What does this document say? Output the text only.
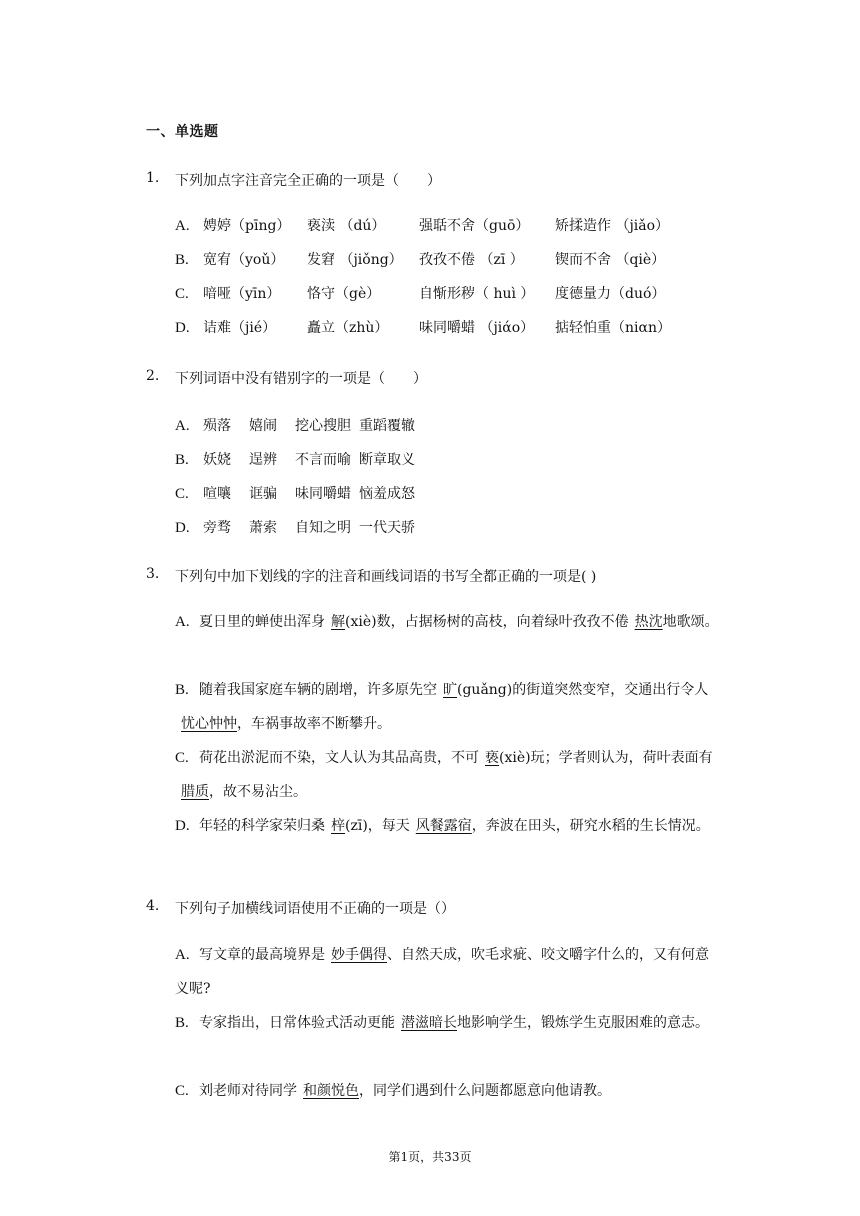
一、单选题
1. 下列加点字注音完全正确的一项是（　　）
A. 娉婷（pīng） 亵渎 （dú） 强聒不舍（guō） 矫揉造作 （jiǎo）
B. 宽宥（yoǔ） 发窘 （jiǒng） 孜孜不倦 （zī ） 锲而不舍 （qiè）
C. 喑哑（yīn） 恪守（gè）	自惭形秽（ huì ） 度德量力（duó）
D. 诘难（jié） 矗立（zhù） 味同嚼蜡 （jiάo） 掂轻怕重（niαn）
2. 下列词语中没有错别字的一项是（　　）
A. 殒落 嬉闹 挖心搜胆 重蹈覆辙
B. 妖娆 逞辨 不言而喻 断章取义
C. 喧嚷 诓骗 味同嚼蜡 恼羞成怒
D. 旁骛 萧索 自知之明 一代天骄
3. 下列句中加下划线的字的注音和画线词语的书写全都正确的一项是( )
A. 夏日里的蝉使出浑身 解(xiè)数，占据杨树的高枝，向着绿叶孜孜不倦 热沈地歌颂。
B. 随着我国家庭车辆的剧增，许多原先空 旷(guǎng)的街道突然变窄，交通出行令人忧心忡忡，车祸事故率不断攀升。
C. 荷花出淤泥而不染，文人认为其品高贵，不可 亵(xiè)玩；学者则认为，荷叶表面有腊质，故不易沾尘。
D. 年轻的科学家荣归桑 梓(zī)，每天 风餐露宿，奔波在田头，研究水稻的生长情况。
4. 下列句子加横线词语使用不正确的一项是（）
A. 写文章的最高境界是 妙手偶得、自然天成，吹毛求疵、咬文嚼字什么的，又有何意义呢?
B. 专家指出，日常体验式活动更能 潜滋暗长地影响学生，锻炼学生克服困难的意志。
C. 刘老师对待同学 和颜悦色，同学们遇到什么问题都愿意向他请教。
第1页，共33页
